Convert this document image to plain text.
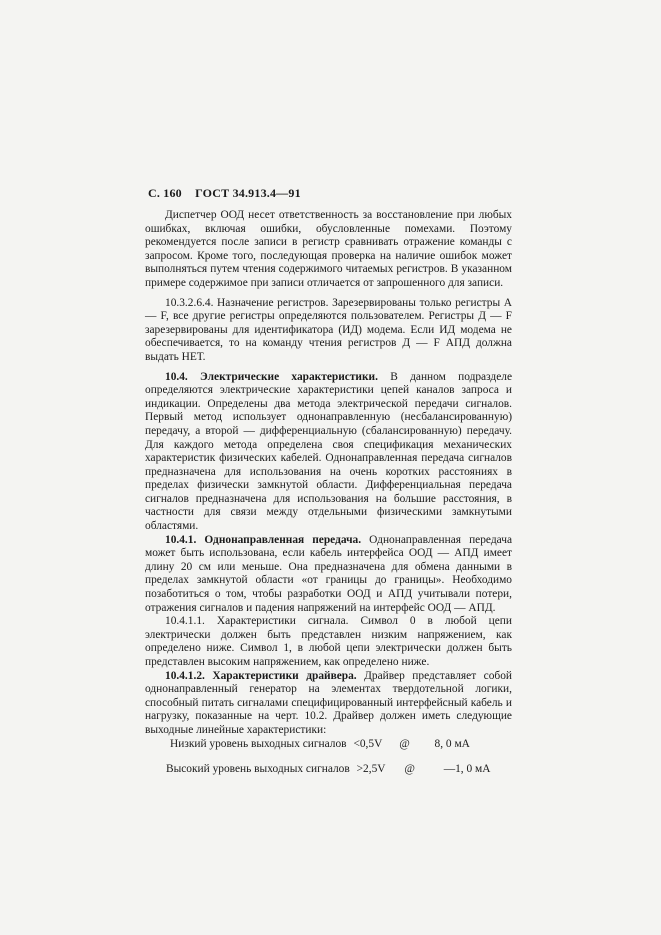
С. 160 ГОСТ 34.913.4—91

Диспетчер ООД несет ответственность за восстановление при любых ошибках, включая ошибки, обусловленные помехами. Поэтому рекомендуется после записи в регистр сравнивать отражение команды с запросом. Кроме того, последующая проверка на наличие ошибок может выполняться путем чтения содержимого читаемых регистров. В указанном примере содержимое при записи отличается от запрошенного для записи.

10.3.2.6.4. Назначение регистров. Зарезервированы только регистры А — F, все другие регистры определяются пользователем. Регистры Д — F зарезервированы для идентификатора (ИД) модема. Если ИД модема не обеспечивается, то на команду чтения регистров Д — F АПД должна выдать НЕТ.

10.4. Электрические характеристики. В данном подразделе определяются электрические характеристики цепей каналов запроса и индикации. Определены два метода электрической передачи сигналов. Первый метод использует однонаправленную (несбалансированную) передачу, а второй — дифференциальную (сбалансированную) передачу. Для каждого метода определена своя спецификация механических характеристик физических кабелей. Однонаправленная передача сигналов предназначена для использования на очень коротких расстояниях в пределах физически замкнутой области. Дифференциальная передача сигналов предназначена для использования на большие расстояния, в частности для связи между отдельными физическими замкнутыми областями.

10.4.1. Однонаправленная передача. Однонаправленная передача может быть использована, если кабель интерфейса ООД — АПД имеет длину 20 см или меньше. Она предназначена для обмена данными в пределах замкнутой области «от границы до границы». Необходимо позаботиться о том, чтобы разработки ООД и АПД учитывали потери, отражения сигналов и падения напряжений на интерфейс ООД — АПД.

10.4.1.1. Характеристики сигнала. Символ 0 в любой цепи электрически должен быть представлен низким напряжением, как определено ниже. Символ 1, в любой цепи электрически должен быть представлен высоким напряжением, как определено ниже.

10.4.1.2. Характеристики драйвера. Драйвер представляет собой однонаправленный генератор на элементах твердотельной логики, способный питать сигналами специфицированный интерфейсный кабель и нагрузку, показанные на черт. 10.2. Драйвер должен иметь следующие выходные линейные характеристики:

Низкий уровень выходных сигналов <0,5V @ 8, 0 мА
Высокий уровень выходных сигналов >2,5V @	—1, 0 мА
